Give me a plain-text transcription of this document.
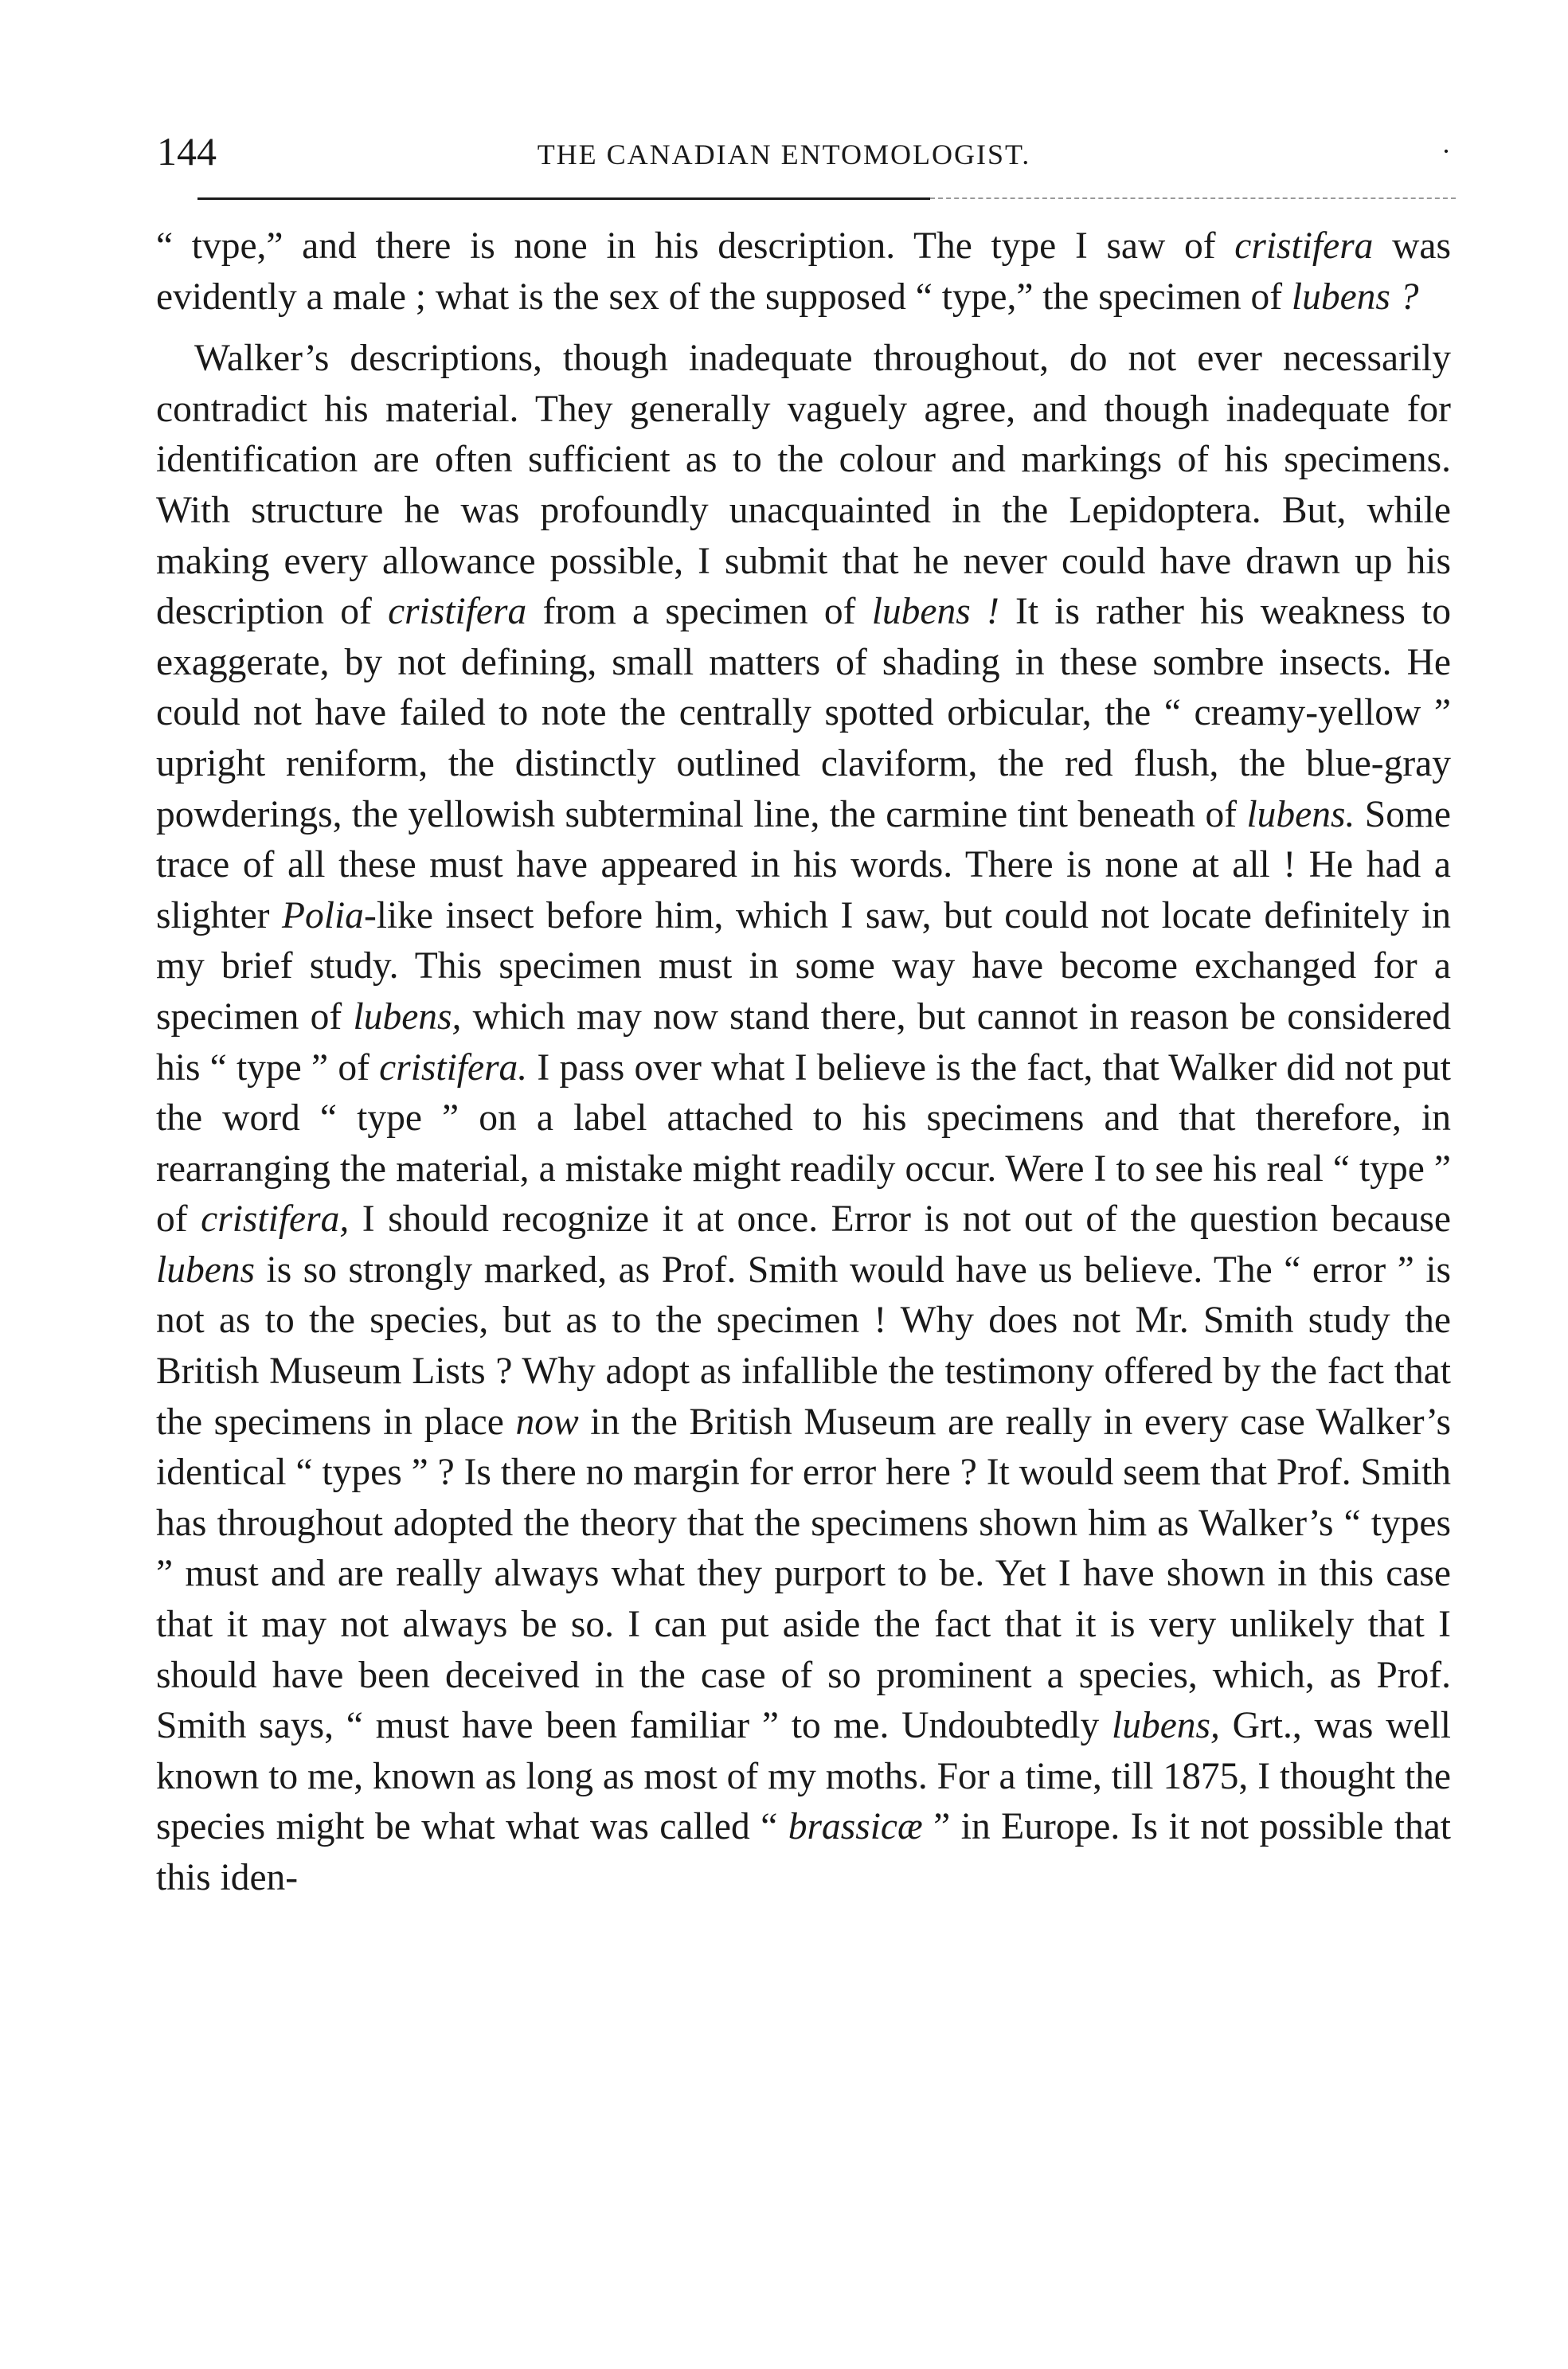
144	THE CANADIAN ENTOMOLOGIST.	·

“ tvpe,” and there is none in his description. The type I saw of cristifera was evidently a male ; what is the sex of the supposed “ type,” the specimen of lubens ?

Walker’s descriptions, though inadequate throughout, do not ever necessarily contradict his material. They generally vaguely agree, and though inadequate for identification are often sufficient as to the colour and markings of his specimens. With structure he was profoundly unacquainted in the Lepidoptera. But, while making every allowance possible, I submit that he never could have drawn up his description of cristifera from a specimen of lubens ! It is rather his weakness to exaggerate, by not defining, small matters of shading in these sombre insects. He could not have failed to note the centrally spotted orbicular, the “ creamy-yellow ” upright reniform, the distinctly outlined claviform, the red flush, the blue-gray powderings, the yellowish subterminal line, the carmine tint beneath of lubens. Some trace of all these must have appeared in his words. There is none at all ! He had a slighter Polia-like insect before him, which I saw, but could not locate definitely in my brief study. This specimen must in some way have become exchanged for a specimen of lubens, which may now stand there, but cannot in reason be considered his “ type ” of cristifera. I pass over what I believe is the fact, that Walker did not put the word “ type ” on a label attached to his specimens and that therefore, in rearranging the material, a mistake might readily occur. Were I to see his real “ type ” of cristifera, I should recognize it at once. Error is not out of the question because lubens is so strongly marked, as Prof. Smith would have us believe. The “ error ” is not as to the species, but as to the specimen ! Why does not Mr. Smith study the British Museum Lists ? Why adopt as infallible the testimony offered by the fact that the specimens in place now in the British Museum are really in every case Walker’s identical “ types ” ? Is there no margin for error here ? It would seem that Prof. Smith has throughout adopted the theory that the specimens shown him as Walker’s “ types ” must and are really always what they purport to be. Yet I have shown in this case that it may not always be so. I can put aside the fact that it is very unlikely that I should have been deceived in the case of so prominent a species, which, as Prof. Smith says, “ must have been familiar ” to me. Undoubtedly lubens, Grt., was well known to me, known as long as most of my moths. For a time, till 1875, I thought the species might be what what was called “ brassicæ ” in Europe. Is it not possible that this iden-
